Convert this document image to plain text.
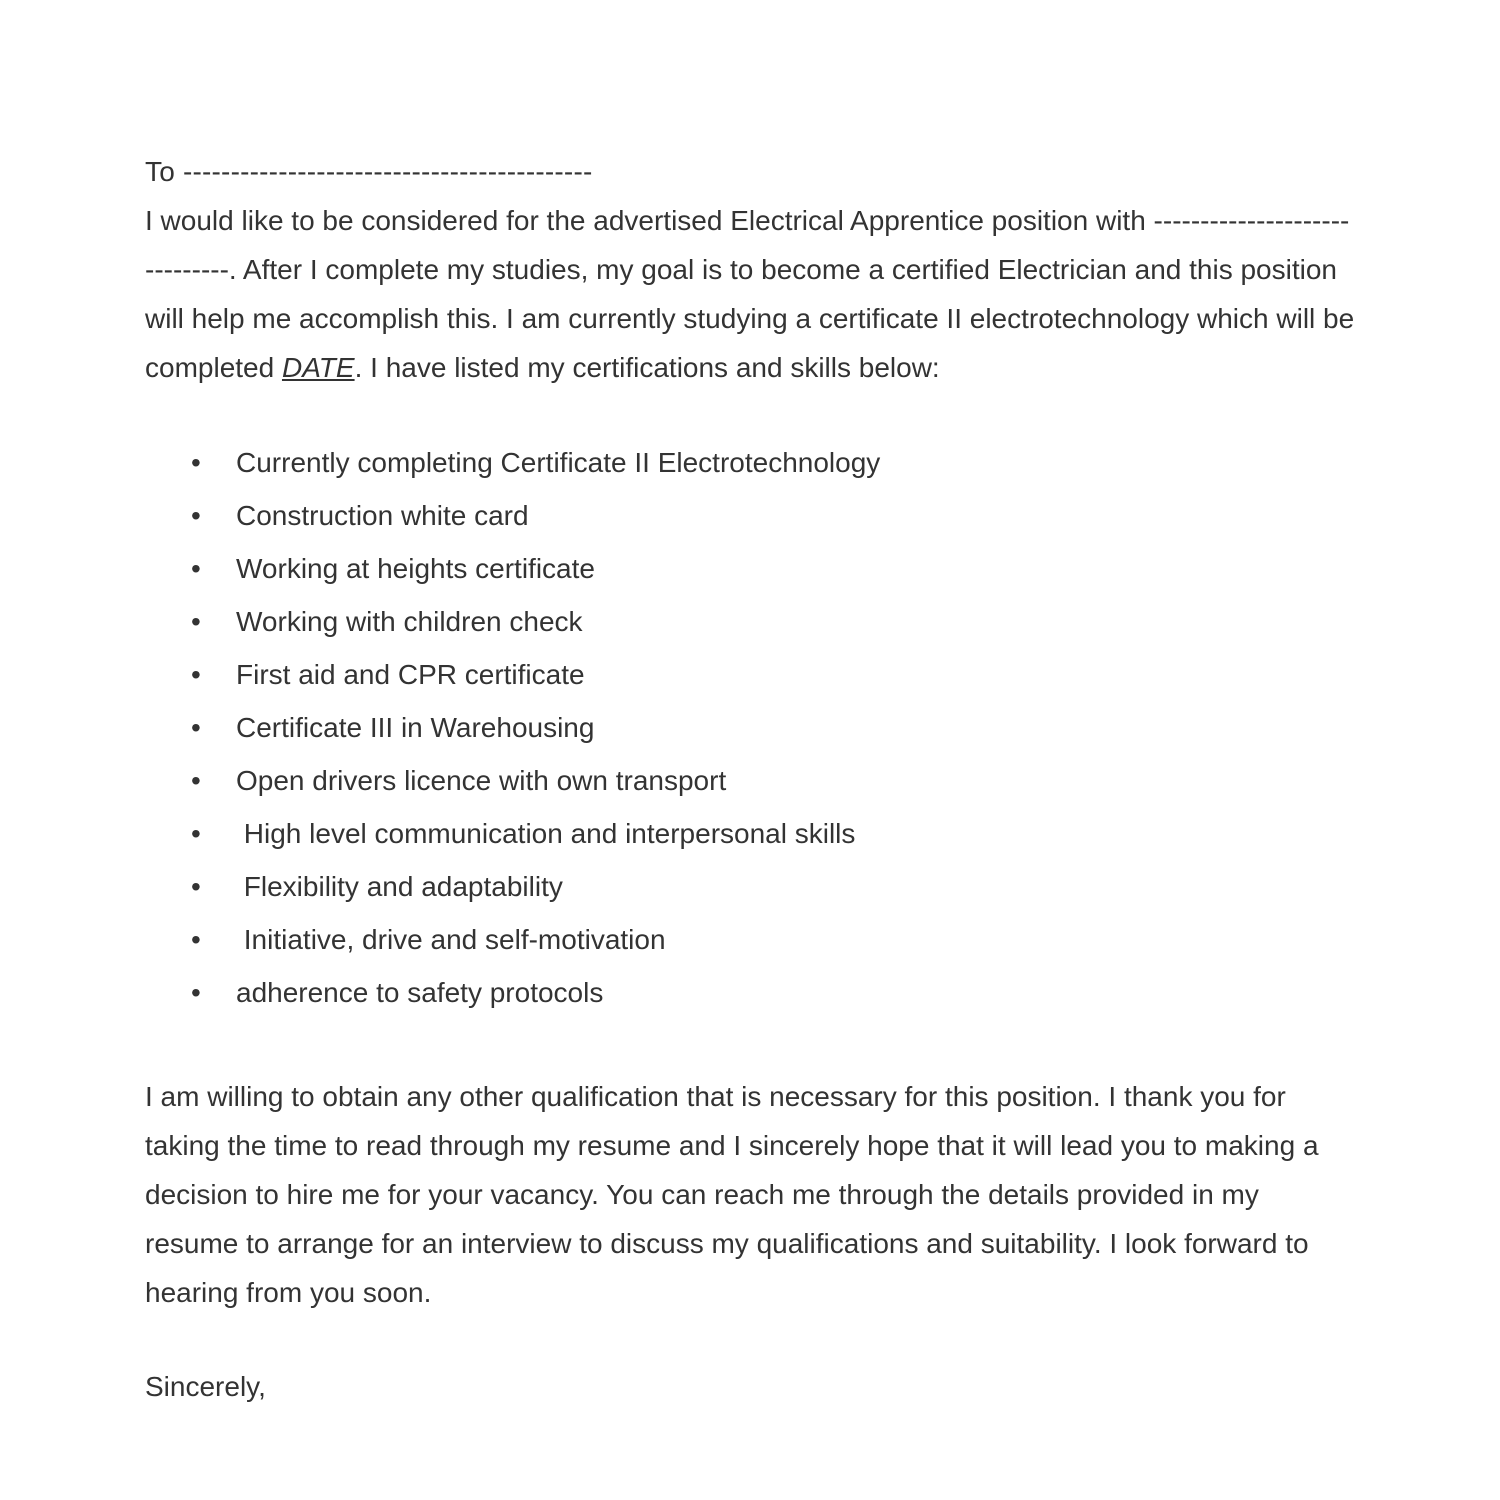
To -------------------------------------------

I would like to be considered for the advertised Electrical Apprentice position with ------------------------------. After I complete my studies, my goal is to become a certified Electrician and this position will help me accomplish this. I am currently studying a certificate II electrotechnology which will be completed DATE. I have listed my certifications and skills below:

• Currently completing Certificate II Electrotechnology
• Construction white card
• Working at heights certificate
• Working with children check
• First aid and CPR certificate
• Certificate III in Warehousing
• Open drivers licence with own transport
• High level communication and interpersonal skills
• Flexibility and adaptability
• Initiative, drive and self-motivation
• adherence to safety protocols

I am willing to obtain any other qualification that is necessary for this position. I thank you for taking the time to read through my resume and I sincerely hope that it will lead you to making a decision to hire me for your vacancy. You can reach me through the details provided in my resume to arrange for an interview to discuss my qualifications and suitability. I look forward to hearing from you soon.

Sincerely,
